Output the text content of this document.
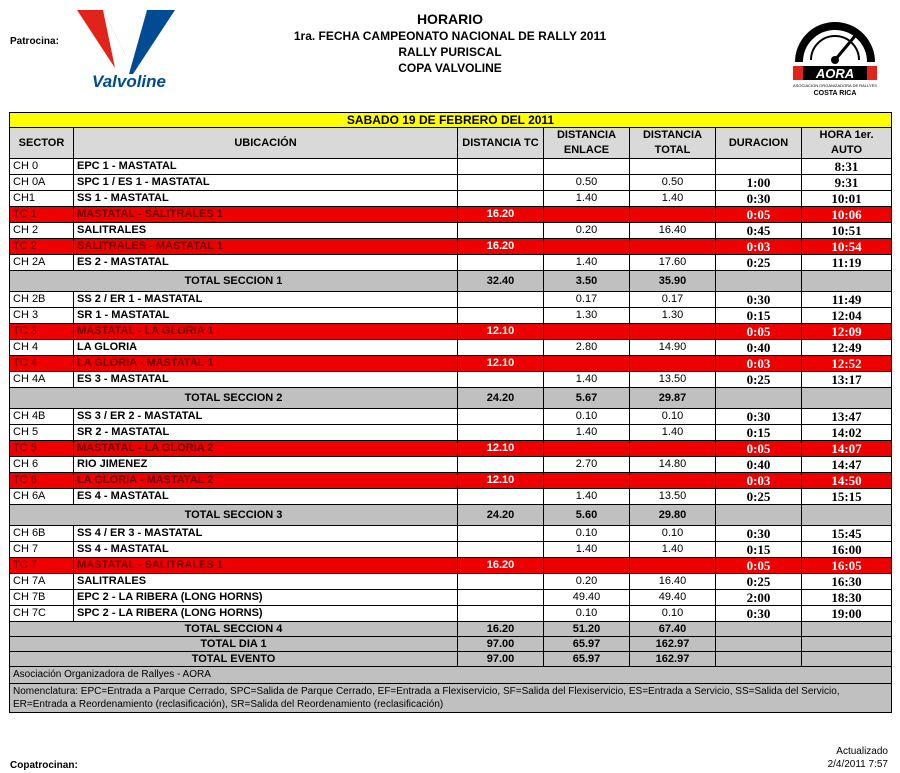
Patrocina:
Valvoline
HORARIO
1ra. FECHA CAMPEONATO NACIONAL DE RALLY 2011
RALLY PURISCAL
COPA VALVOLINE	AORA
ASOCIACION ORGANIZADORA DE RALLYES
COSTA RICA
SABADO 19 DE FEBRERO DEL 2011						
SECTOR	UBICACIÓN	DISTANCIA TC	DISTANCIA ENLACE	DISTANCIA TOTAL	DURACION	HORA 1er. AUTO
CH 0	EPC 1 - MASTATAL					8:31
CH 0A	SPC 1 / ES 1 - MASTATAL		0.50	0.50	1:00	9:31
CH1	SS 1 - MASTATAL		1.40	1.40	0:30	10:01
TC 1	MASTATAL - SALITRALES 1	16.20			0:05	10:06
CH 2	SALITRALES		0.20	16.40	0:45	10:51
TC 2	SALITRALES - MASTATAL 1	16.20			0:03	10:54
CH 2A	ES 2 - MASTATAL		1.40	17.60	0:25	11:19
TOTAL SECCION 1		32.40	3.50	35.90		
CH 2B	SS 2 / ER 1 - MASTATAL		0.17	0.17	0:30	11:49
CH 3	SR 1 - MASTATAL		1.30	1.30	0:15	12:04
TC 3	MASTATAL - LA GLORIA 1	12.10			0:05	12:09
CH 4	LA GLORIA		2.80	14.90	0:40	12:49
TC 4	LA GLORIA - MASTATAL 1	12.10			0:03	12:52
CH 4A	ES 3 - MASTATAL		1.40	13.50	0:25	13:17
TOTAL SECCION 2		24.20	5.67	29.87		
CH 4B	SS 3 / ER 2 - MASTATAL		0.10	0.10	0:30	13:47
CH 5	SR 2 - MASTATAL		1.40	1.40	0:15	14:02
TC 5	MASTATAL - LA GLORIA 2	12.10			0:05	14:07
CH 6	RIO JIMENEZ		2.70	14.80	0:40	14:47
TC 6	LA GLORIA - MASTATAL 2	12.10			0:03	14:50
CH 6A	ES 4 - MASTATAL		1.40	13.50	0:25	15:15
TOTAL SECCION 3		24.20	5.60	29.80		
CH 6B	SS 4 / ER 3 - MASTATAL		0.10	0.10	0:30	15:45
CH 7	SS 4 - MASTATAL		1.40	1.40	0:15	16:00
TC 7	MASTATAL - SALITRALES 1	16.20			0:05	16:05
CH 7A	SALITRALES		0.20	16.40	0:25	16:30
CH 7B	EPC 2 - LA RIBERA (LONG HORNS)		49.40	49.40	2:00	18:30
CH 7C	SPC 2 - LA RIBERA (LONG HORNS)		0.10	0.10	0:30	19:00
TOTAL SECCION 4		16.20	51.20	67.40		
TOTAL DIA 1		97.00	65.97	162.97		
TOTAL EVENTO		97.00	65.97	162.97		
Asociación Organizadora de Rallyes - AORA						
Nomenclatura: EPC=Entrada a Parque Cerrado, SPC=Salida de Parque Cerrado, EF=Entrada a Flexiservicio, SF=Salida del Flexiservicio, ES=Entrada a Servicio, SS=Salida del Servicio, ER=Entrada a Reordenamiento (reclasificación), SR=Salida del Reordenamiento (reclasificación)						
Actualizado
2/4/2011 7:57
Copatrocinan:
